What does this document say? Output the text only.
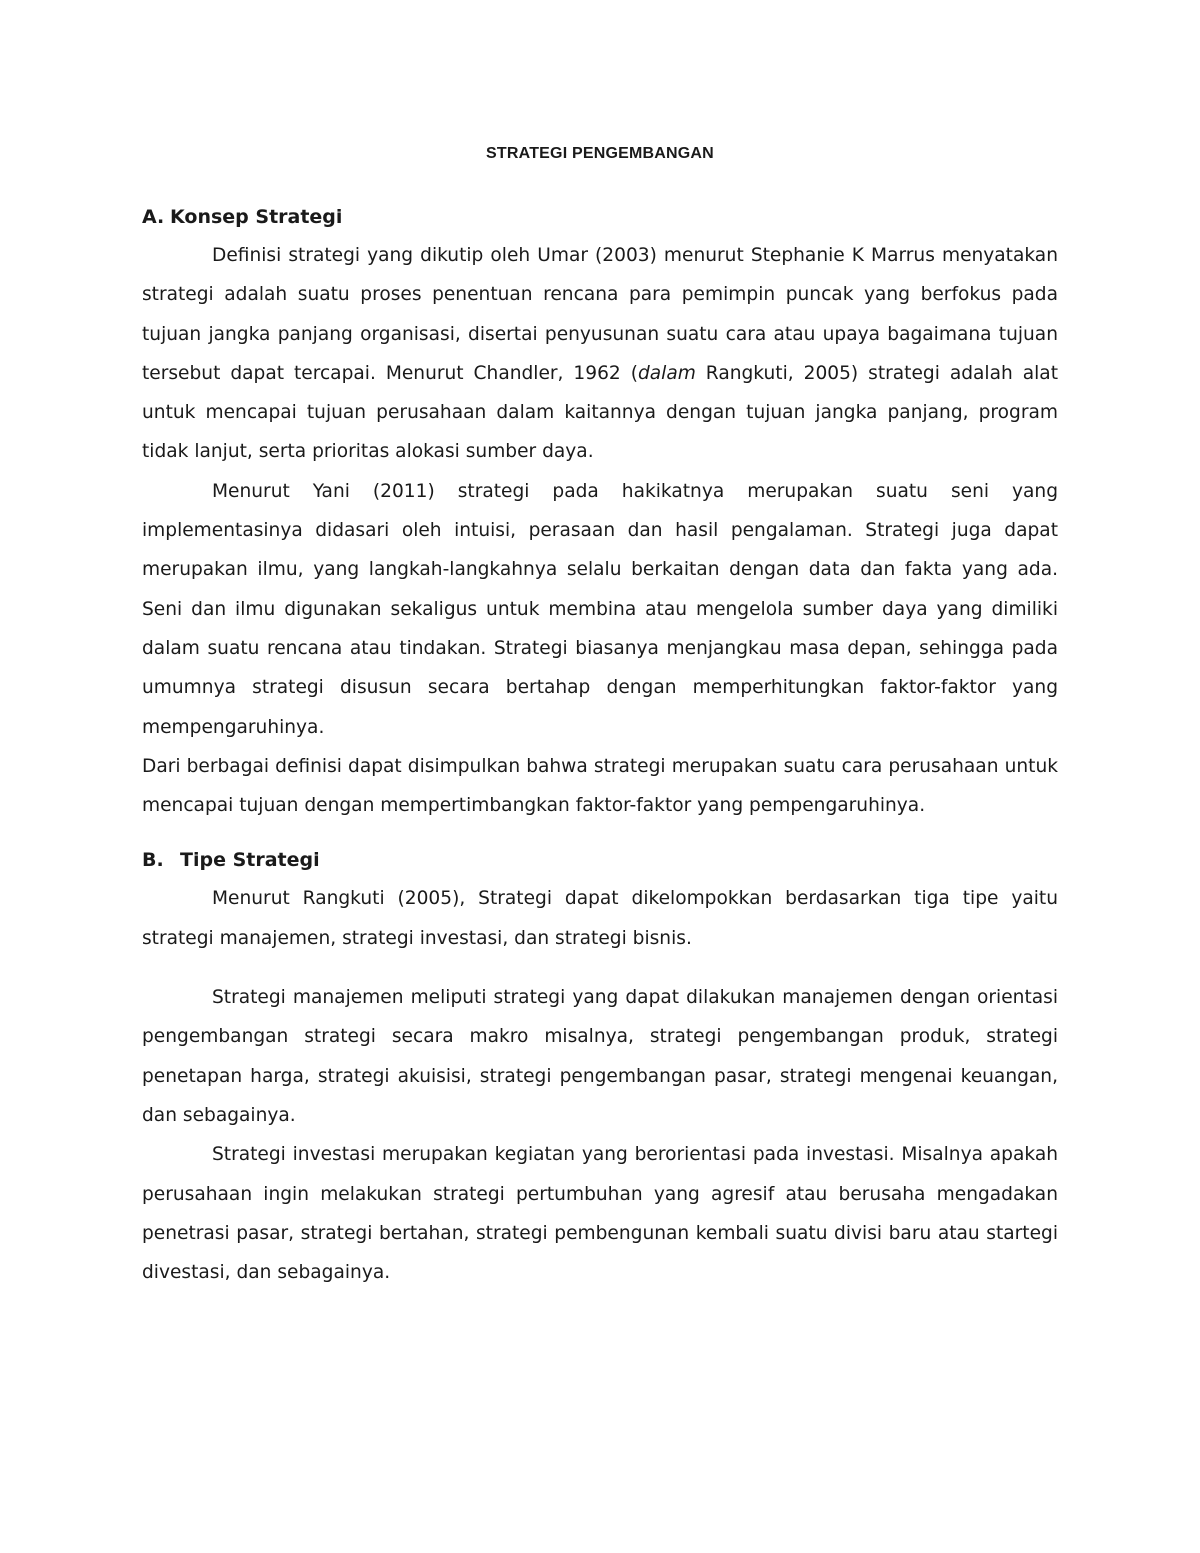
STRATEGI PENGEMBANGAN
A. Konsep Strategi

Definisi strategi yang dikutip oleh Umar (2003) menurut Stephanie K Marrus menyatakan strategi adalah suatu proses penentuan rencana para pemimpin puncak yang berfokus pada tujuan jangka panjang organisasi, disertai penyusunan suatu cara atau upaya bagaimana tujuan tersebut dapat tercapai. Menurut Chandler, 1962 (dalam Rangkuti, 2005) strategi adalah alat untuk mencapai tujuan perusahaan dalam kaitannya dengan tujuan jangka panjang, program tidak lanjut, serta prioritas alokasi sumber daya.

Menurut Yani (2011) strategi pada hakikatnya merupakan suatu seni yang implementasinya didasari oleh intuisi, perasaan dan hasil pengalaman. Strategi juga dapat merupakan ilmu, yang langkah-langkahnya selalu berkaitan dengan data dan fakta yang ada. Seni dan ilmu digunakan sekaligus untuk membina atau mengelola sumber daya yang dimiliki dalam suatu rencana atau tindakan. Strategi biasanya menjangkau masa depan, sehingga pada umumnya strategi disusun secara bertahap dengan memperhitungkan faktor-faktor yang mempengaruhinya.

Dari berbagai definisi dapat disimpulkan bahwa strategi merupakan suatu cara perusahaan untuk mencapai tujuan dengan mempertimbangkan faktor-faktor yang pempengaruhinya.

B. Tipe Strategi

Menurut Rangkuti (2005), Strategi dapat dikelompokkan berdasarkan tiga tipe yaitu strategi manajemen, strategi investasi, dan strategi bisnis.

Strategi manajemen meliputi strategi yang dapat dilakukan manajemen dengan orientasi pengembangan strategi secara makro misalnya, strategi pengembangan produk, strategi penetapan harga, strategi akuisisi, strategi pengembangan pasar, strategi mengenai keuangan, dan sebagainya.

Strategi investasi merupakan kegiatan yang berorientasi pada investasi. Misalnya apakah perusahaan ingin melakukan strategi pertumbuhan yang agresif atau berusaha mengadakan penetrasi pasar, strategi bertahan, strategi pembengunan kembali suatu divisi baru atau startegi divestasi, dan sebagainya.
